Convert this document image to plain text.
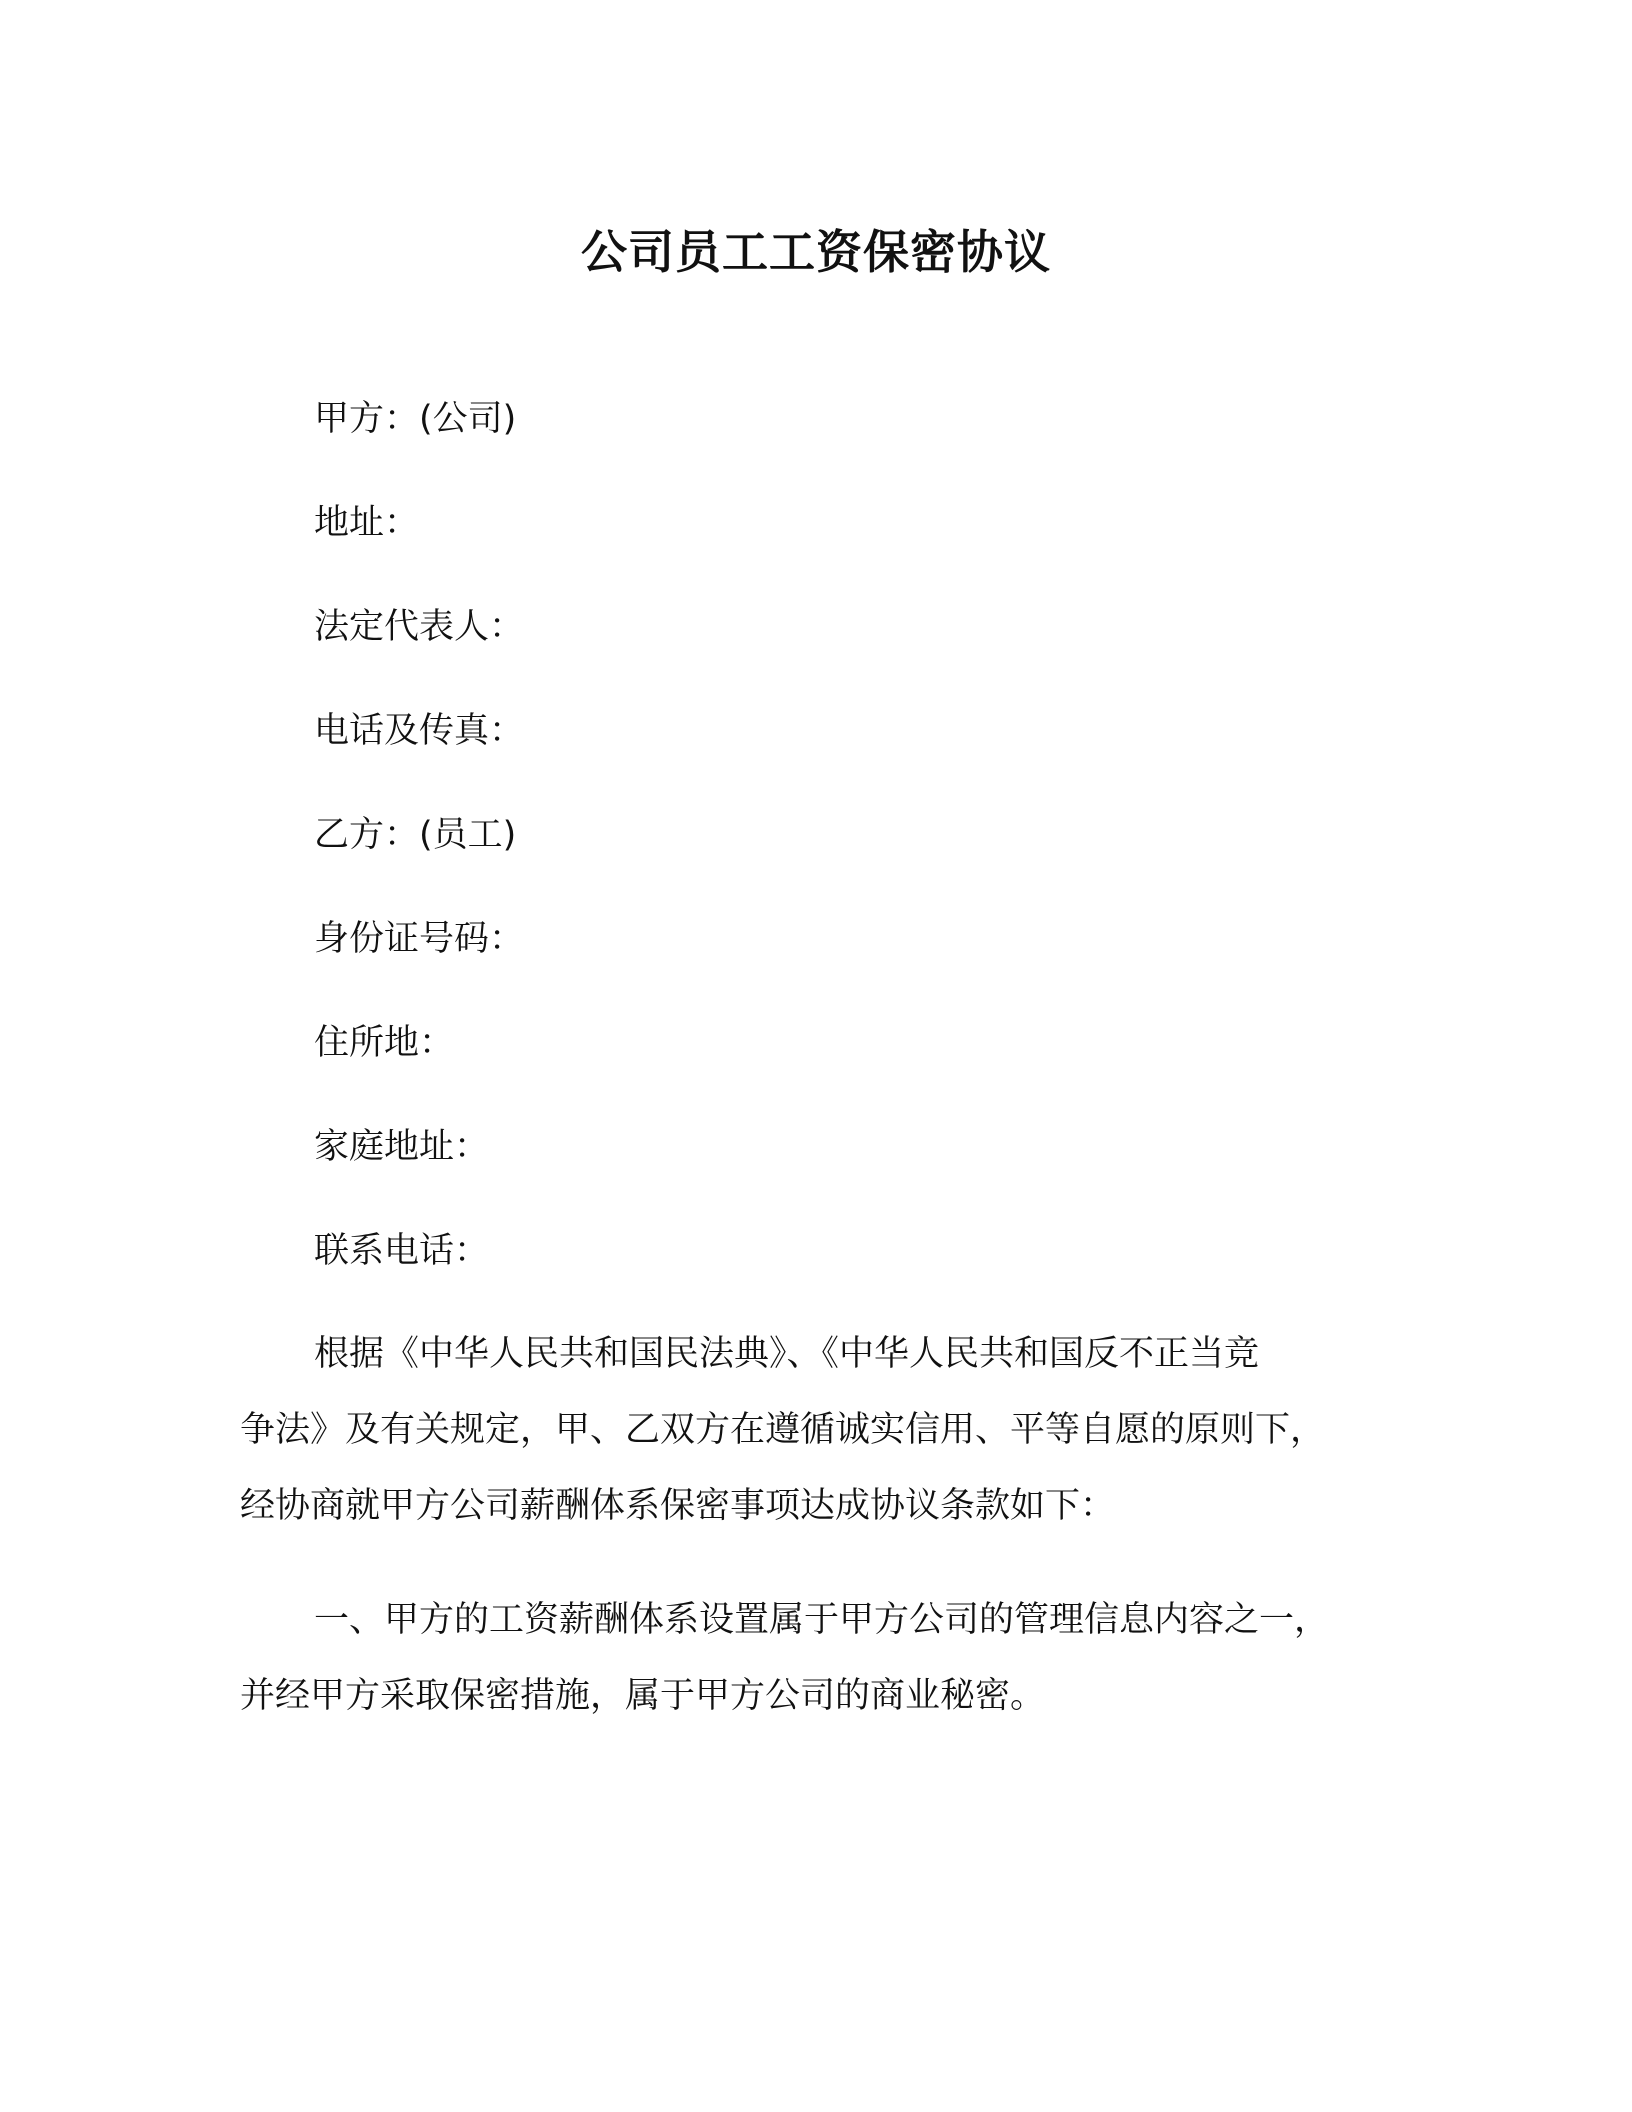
公司员工工资保密协议
甲方：(公司)
地址：
法定代表人：
电话及传真：
乙方：(员工)
身份证号码：
住所地：
家庭地址：
联系电话：
根据《中华人民共和国民法典》、《中华人民共和国反不正当竞
争法》及有关规定，甲、乙双方在遵循诚实信用、平等自愿的原则下，
经协商就甲方公司薪酬体系保密事项达成协议条款如下：
一、甲方的工资薪酬体系设置属于甲方公司的管理信息内容之一，
并经甲方采取保密措施，属于甲方公司的商业秘密。
